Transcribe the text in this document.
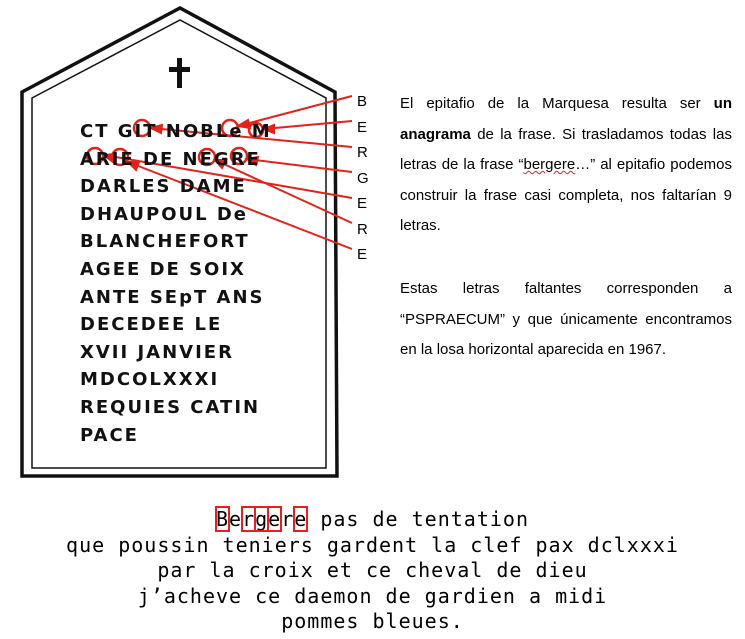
CT GIT NOBLe M
ARIE DE NEGRE
DARLES DAME
DHAUPOUL De
BLANCHEFORT
AGEE DE SOIX
ANTE SEpT ANS
DECEDEE LE
XVII JANVIER
MDCOLXXXI
REQUIES CATIN
PACE
B
E
R
G
E
R
E

El epitafio de la Marquesa resulta ser un anagrama de la frase. Si trasladamos todas las letras de la frase “bergere…” al epitafio podemos construir la frase casi completa, nos faltarían 9 letras.

Estas letras faltantes corresponden a “PSPRAECUM” y que únicamente encontramos en la losa horizontal aparecida en 1967.

Bergere pas de tentation
que poussin teniers gardent la clef pax dclxxxi
par la croix et ce cheval de dieu
j’acheve ce daemon de gardien a midi
pommes bleues.
